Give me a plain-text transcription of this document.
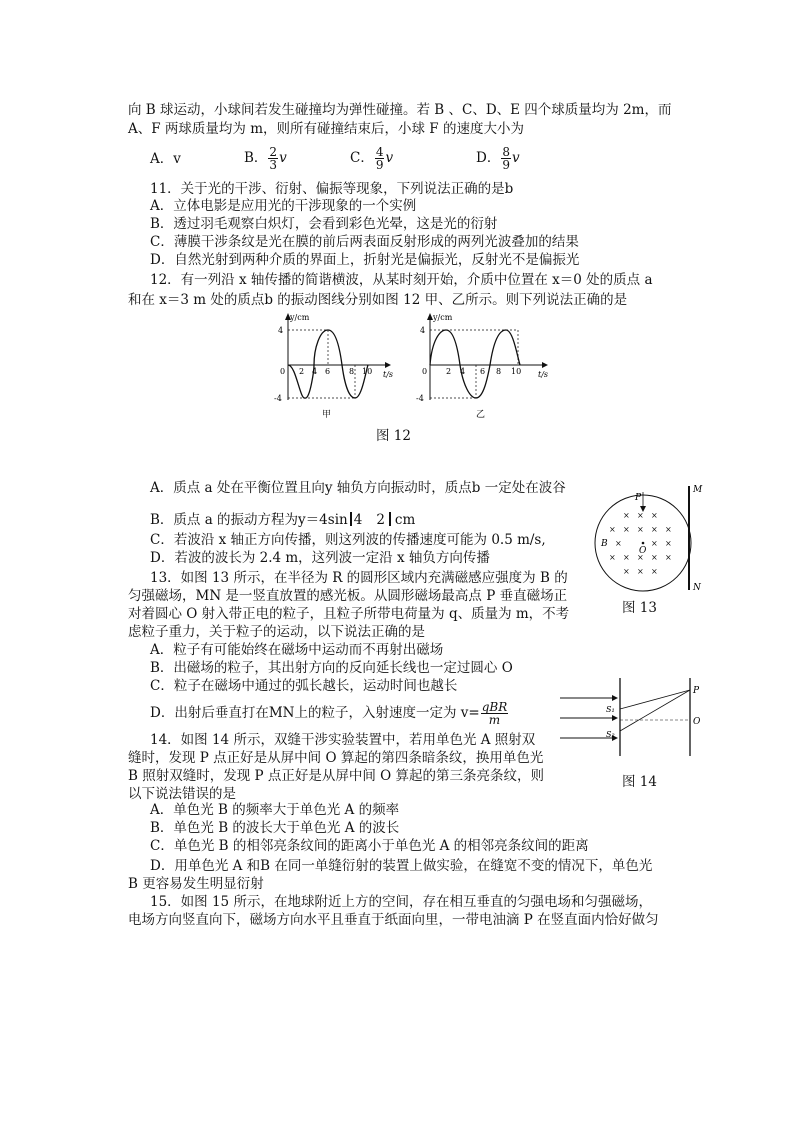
向 B 球运动，小球间若发生碰撞均为弹性碰撞。若 B 、C、D、E 四个球质量均为 2m，而
A、F 两球质量均为 m，则所有碰撞结束后，小球 F 的速度大小为
A．v	B． $\frac{2}{3}$ v	C． $\frac{4}{9}$ v	D． $\frac{8}{9}$ v
11．关于光的干涉、衍射、偏振等现象，下列说法正确的是b
A．立体电影是应用光的干涉现象的一个实例
B．透过羽毛观察白炽灯，会看到彩色光晕，这是光的衍射
C．薄膜干涉条纹是光在膜的前后两表面反射形成的两列光波叠加的结果
D．自然光射到两种介质的界面上，折射光是偏振光，反射光不是偏振光
12．有一列沿 x 轴传播的简谐横波，从某时刻开始，介质中位置在 x＝0 处的质点 a
和在 x＝3 m 处的质点b 的振动图线分别如图 12 甲、乙所示。则下列说法正确的是
y/cm
t/s
4
-4
0 2 4 6 8 10
甲
y/cm
t/s
4
-4
0 2 4 6 8 10
乙
图 12
A．质点 a 处在平衡位置且向y 轴负方向振动时，质点b 一定处在波谷
B．质点 a 的振动方程为y＝4sin 4 2 cm
C．若波沿 x 轴正方向传播，则这列波的传播速度可能为 0.5 m/s,
D．若波的波长为 2.4 m，这列波一定沿 x 轴负方向传播
M
N
P
B
O
× × ×
× × × × ×
×	× ×
× × × × ×
× × ×
图 13
13．如图 13 所示，在半径为 R 的圆形区域内充满磁感应强度为 B 的
匀强磁场，MN 是一竖直放置的感光板。从圆形磁场最高点 P 垂直磁场正
对着圆心 O 射入带正电的粒子，且粒子所带电荷量为 q、质量为 m，不考
虑粒子重力，关于粒子的运动，以下说法正确的是
A．粒子有可能始终在磁场中运动而不再射出磁场
B．出磁场的粒子，其出射方向的反向延长线也一定过圆心 O
C．粒子在磁场中通过的弧长越长，运动时间也越长
D．出射后垂直打在MN上的粒子，入射速度一定为 $v= \frac{\text{qBR}}{m}$	S₁
S₂
P
O
图 14
14．如图 14 所示，双缝干涉实验装置中，若用单色光 A 照射双
缝时，发现 P 点正好是从屏中间 O 算起的第四条暗条纹，换用单色光
B 照射双缝时，发现 P 点正好是从屏中间 O 算起的第三条亮条纹，则
以下说法错误的是
A．单色光 B 的频率大于单色光 A 的频率
B．单色光 B 的波长大于单色光 A 的波长
C．单色光 B 的相邻亮条纹间的距离小于单色光 A 的相邻亮条纹间的距离
D．用单色光 A 和B 在同一单缝衍射的装置上做实验，在缝宽不变的情况下，单色光
B 更容易发生明显衍射
15．如图 15 所示，在地球附近上方的空间，存在相互垂直的匀强电场和匀强磁场，
电场方向竖直向下，磁场方向水平且垂直于纸面向里，一带电油滴 P 在竖直面内恰好做匀
